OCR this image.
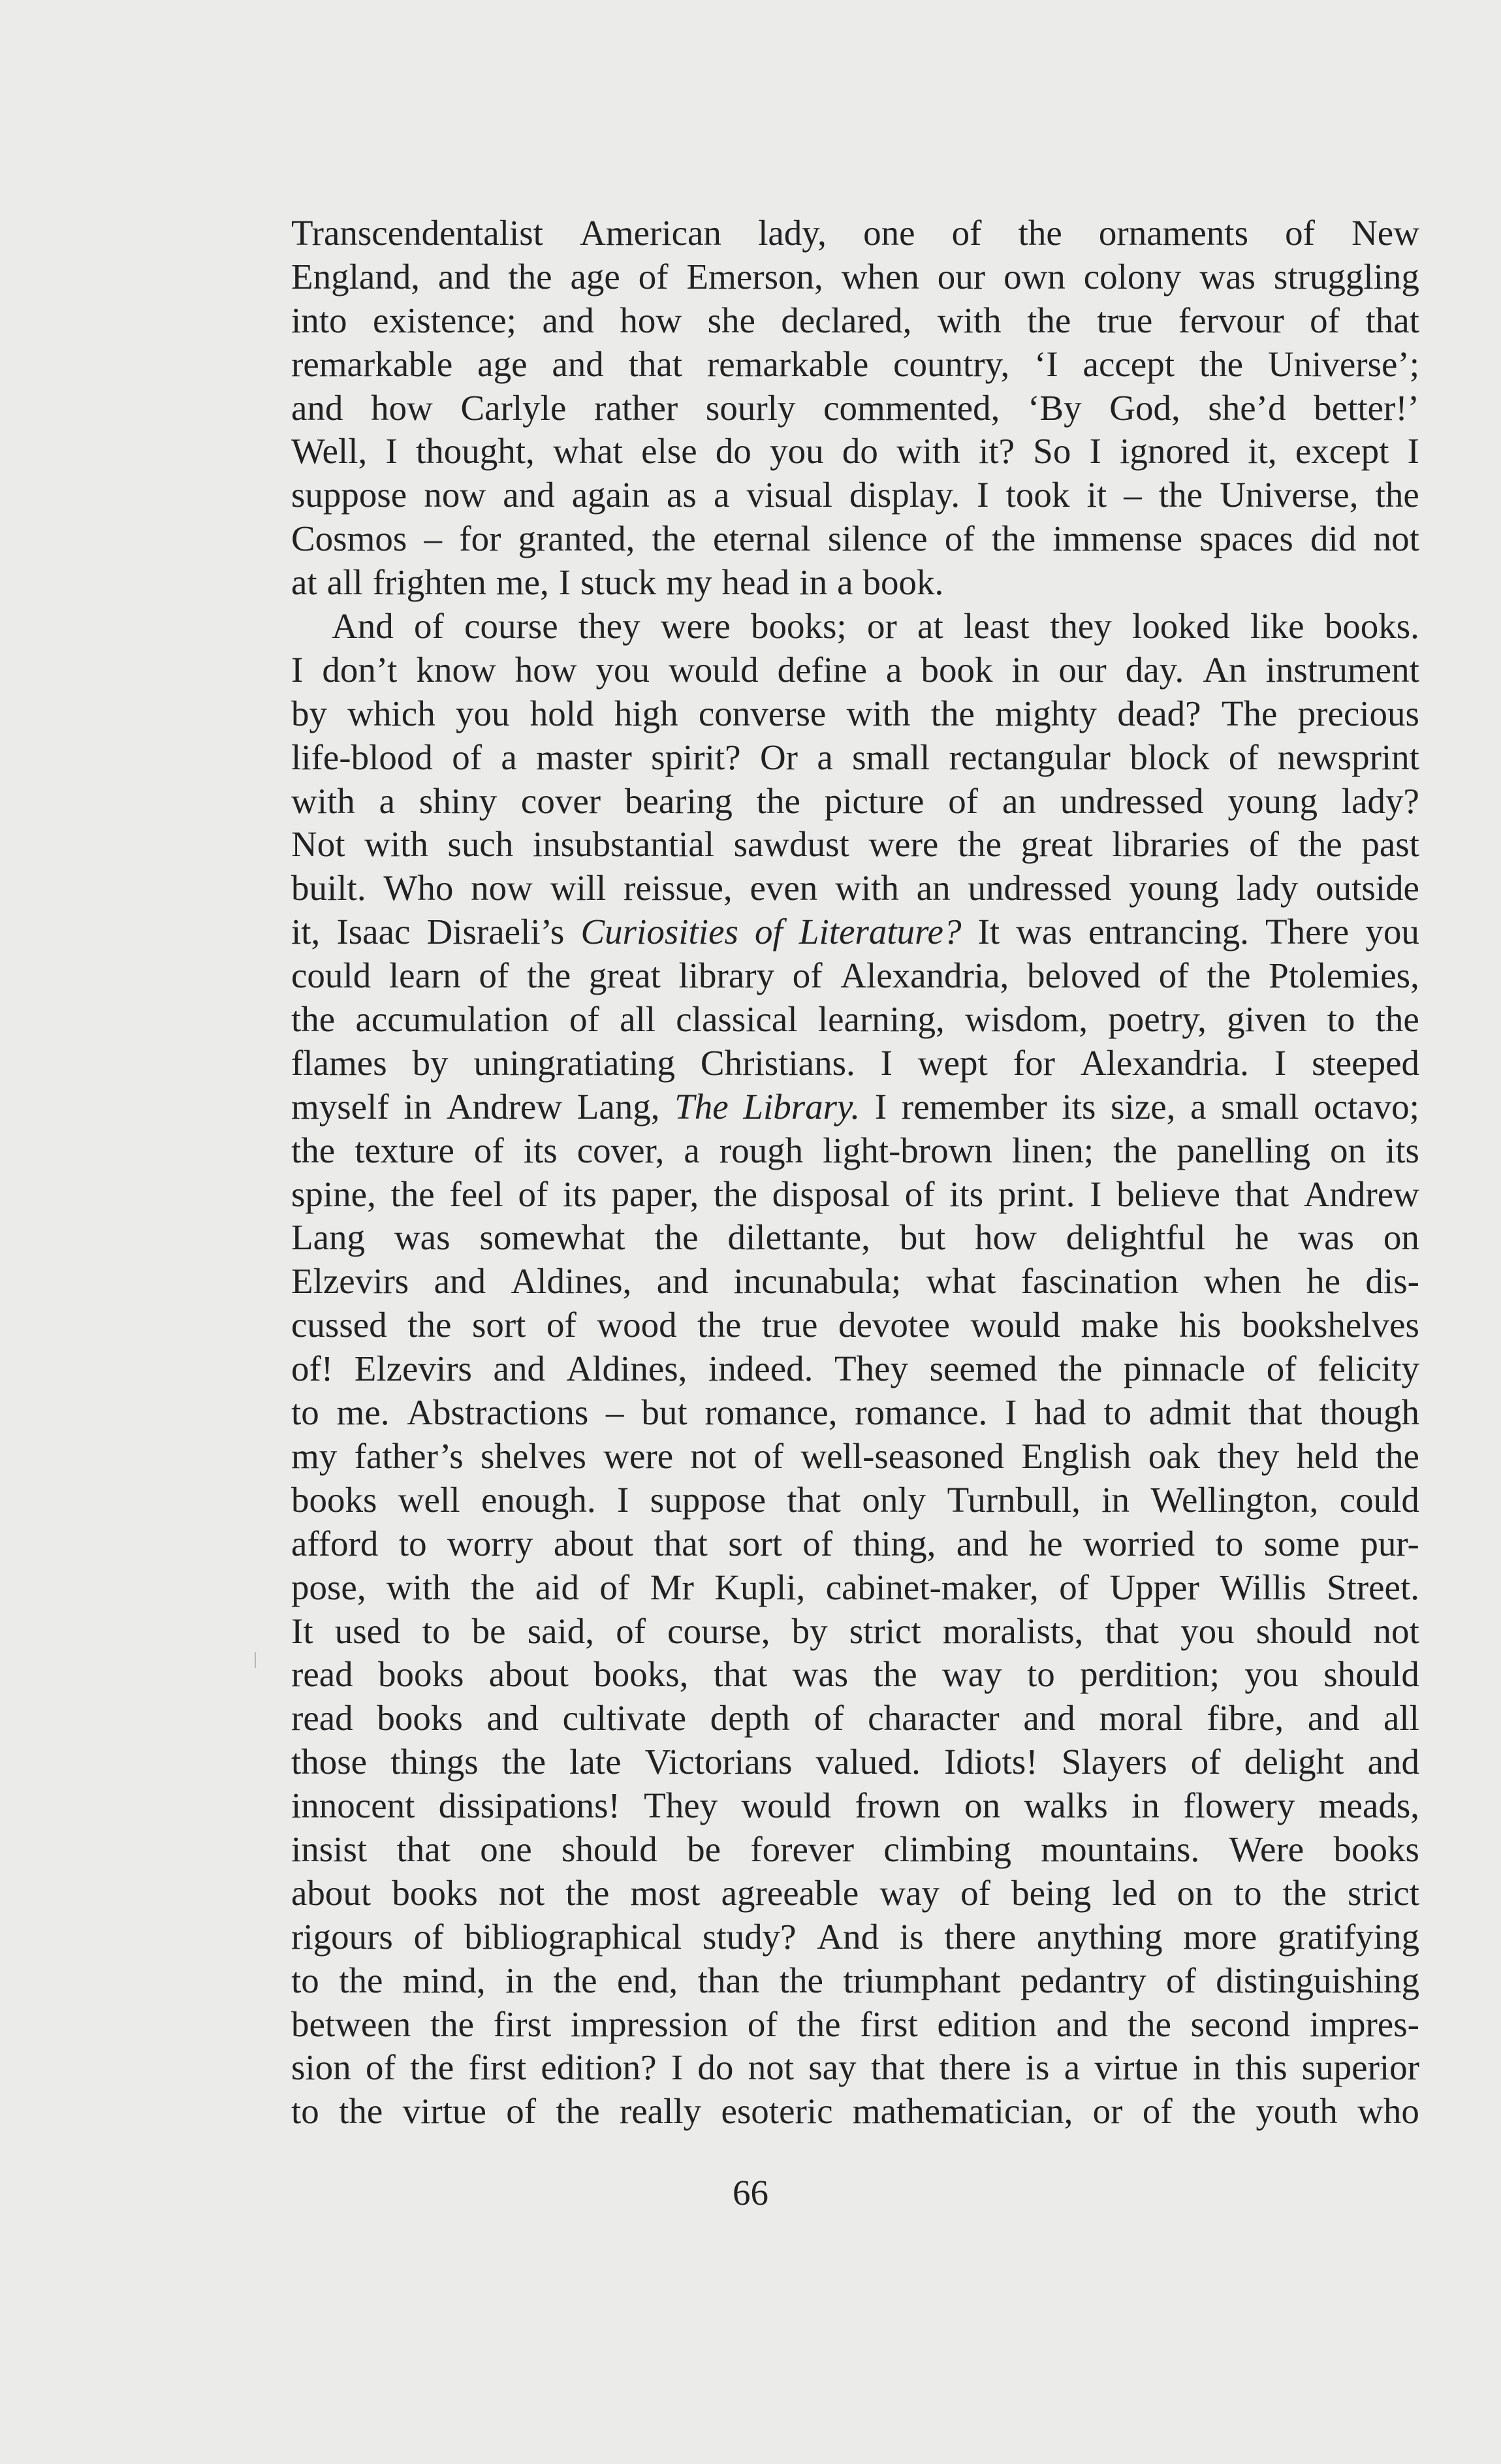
Transcendentalist American lady, one of the ornaments of New
England, and the age of Emerson, when our own colony was struggling
into existence; and how she declared, with the true fervour of that
remarkable age and that remarkable country, ‘I accept the Universe’;
and how Carlyle rather sourly commented, ‘By God, she’d better!’
Well, I thought, what else do you do with it? So I ignored it, except I
suppose now and again as a visual display. I took it – the Universe, the
Cosmos – for granted, the eternal silence of the immense spaces did not
at all frighten me, I stuck my head in a book.
And of course they were books; or at least they looked like books.
I don’t know how you would define a book in our day. An instrument
by which you hold high converse with the mighty dead? The precious
life-blood of a master spirit? Or a small rectangular block of newsprint
with a shiny cover bearing the picture of an undressed young lady?
Not with such insubstantial sawdust were the great libraries of the past
built. Who now will reissue, even with an undressed young lady outside
it, Isaac Disraeli’s Curiosities of Literature? It was entrancing. There you
could learn of the great library of Alexandria, beloved of the Ptolemies,
the accumulation of all classical learning, wisdom, poetry, given to the
flames by uningratiating Christians. I wept for Alexandria. I steeped
myself in Andrew Lang, The Library. I remember its size, a small octavo;
the texture of its cover, a rough light-brown linen; the panelling on its
spine, the feel of its paper, the disposal of its print. I believe that Andrew
Lang was somewhat the dilettante, but how delightful he was on
Elzevirs and Aldines, and incunabula; what fascination when he dis-
cussed the sort of wood the true devotee would make his bookshelves
of! Elzevirs and Aldines, indeed. They seemed the pinnacle of felicity
to me. Abstractions – but romance, romance. I had to admit that though
my father’s shelves were not of well-seasoned English oak they held the
books well enough. I suppose that only Turnbull, in Wellington, could
afford to worry about that sort of thing, and he worried to some pur-
pose, with the aid of Mr Kupli, cabinet-maker, of Upper Willis Street.
It used to be said, of course, by strict moralists, that you should not
read books about books, that was the way to perdition; you should
read books and cultivate depth of character and moral fibre, and all
those things the late Victorians valued. Idiots! Slayers of delight and
innocent dissipations! They would frown on walks in flowery meads,
insist that one should be forever climbing mountains. Were books
about books not the most agreeable way of being led on to the strict
rigours of bibliographical study? And is there anything more gratifying
to the mind, in the end, than the triumphant pedantry of distinguishing
between the first impression of the first edition and the second impres-
sion of the first edition? I do not say that there is a virtue in this superior
to the virtue of the really esoteric mathematician, or of the youth who
66
